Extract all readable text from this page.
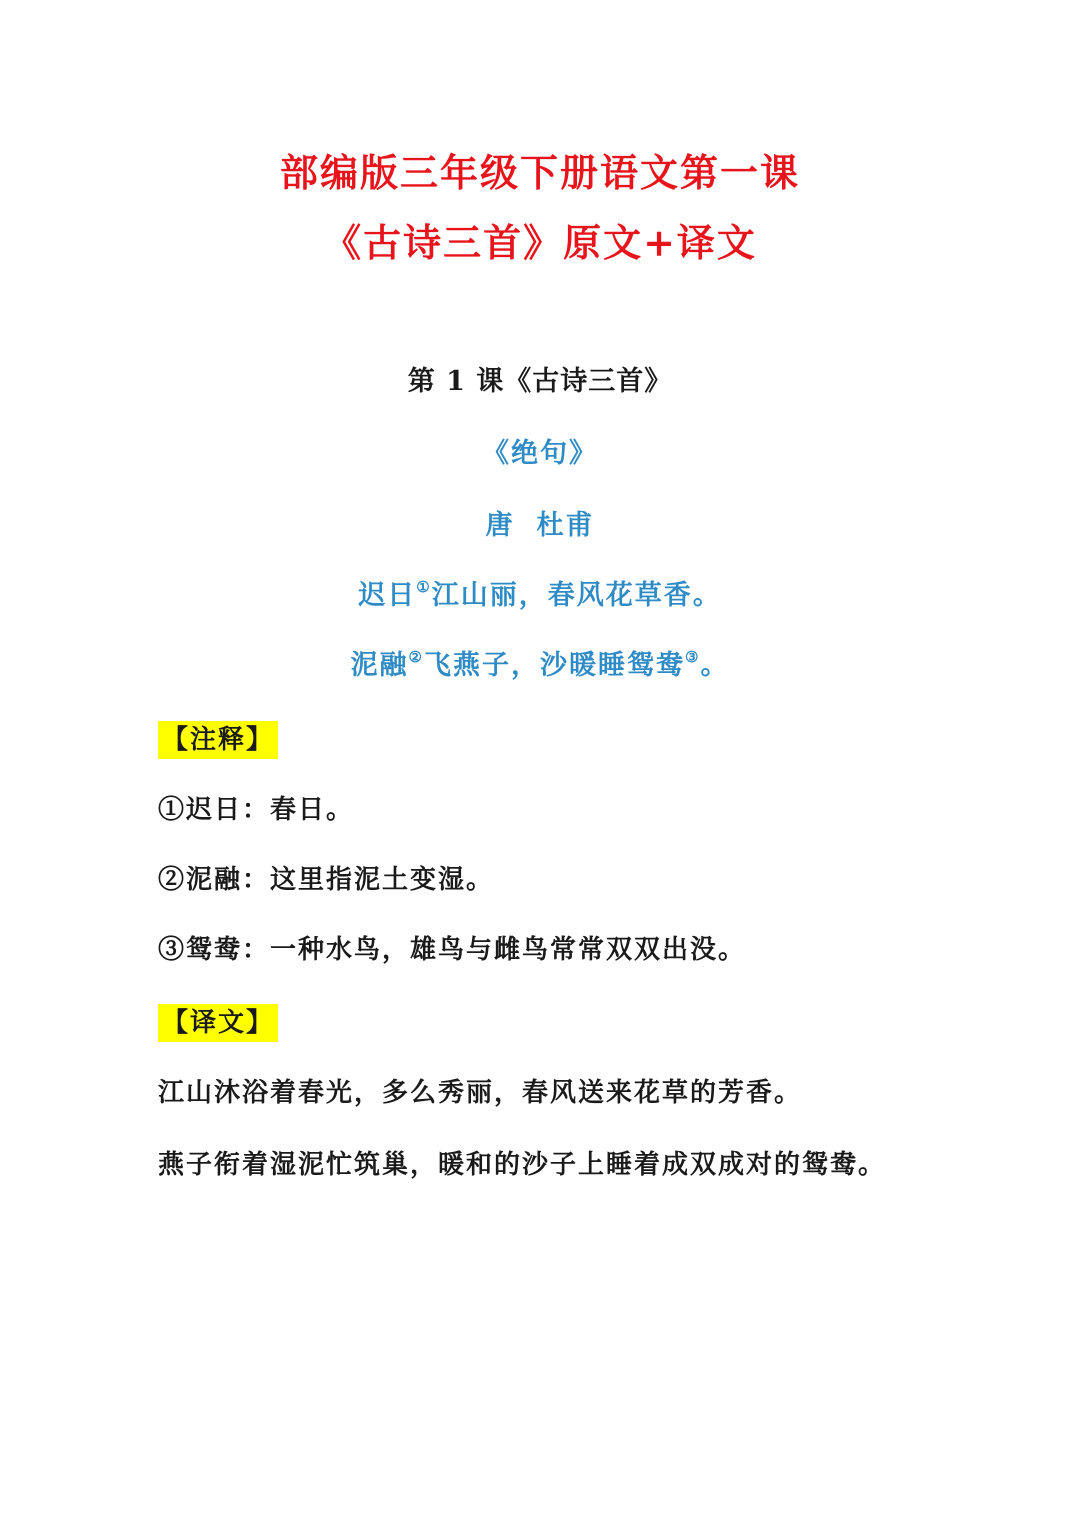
部编版三年级下册语文第一课
《古诗三首》原文+译文
第 1 课《古诗三首》
《绝句》
唐 杜甫
迟日①江山丽，春风花草香。
泥融②飞燕子，沙暖睡鸳鸯③。
【注释】
①迟日：春日。
②泥融：这里指泥土变湿。
③鸳鸯：一种水鸟，雄鸟与雌鸟常常双双出没。
【译文】
江山沐浴着春光，多么秀丽，春风送来花草的芳香。
燕子衔着湿泥忙筑巢，暖和的沙子上睡着成双成对的鸳鸯。
